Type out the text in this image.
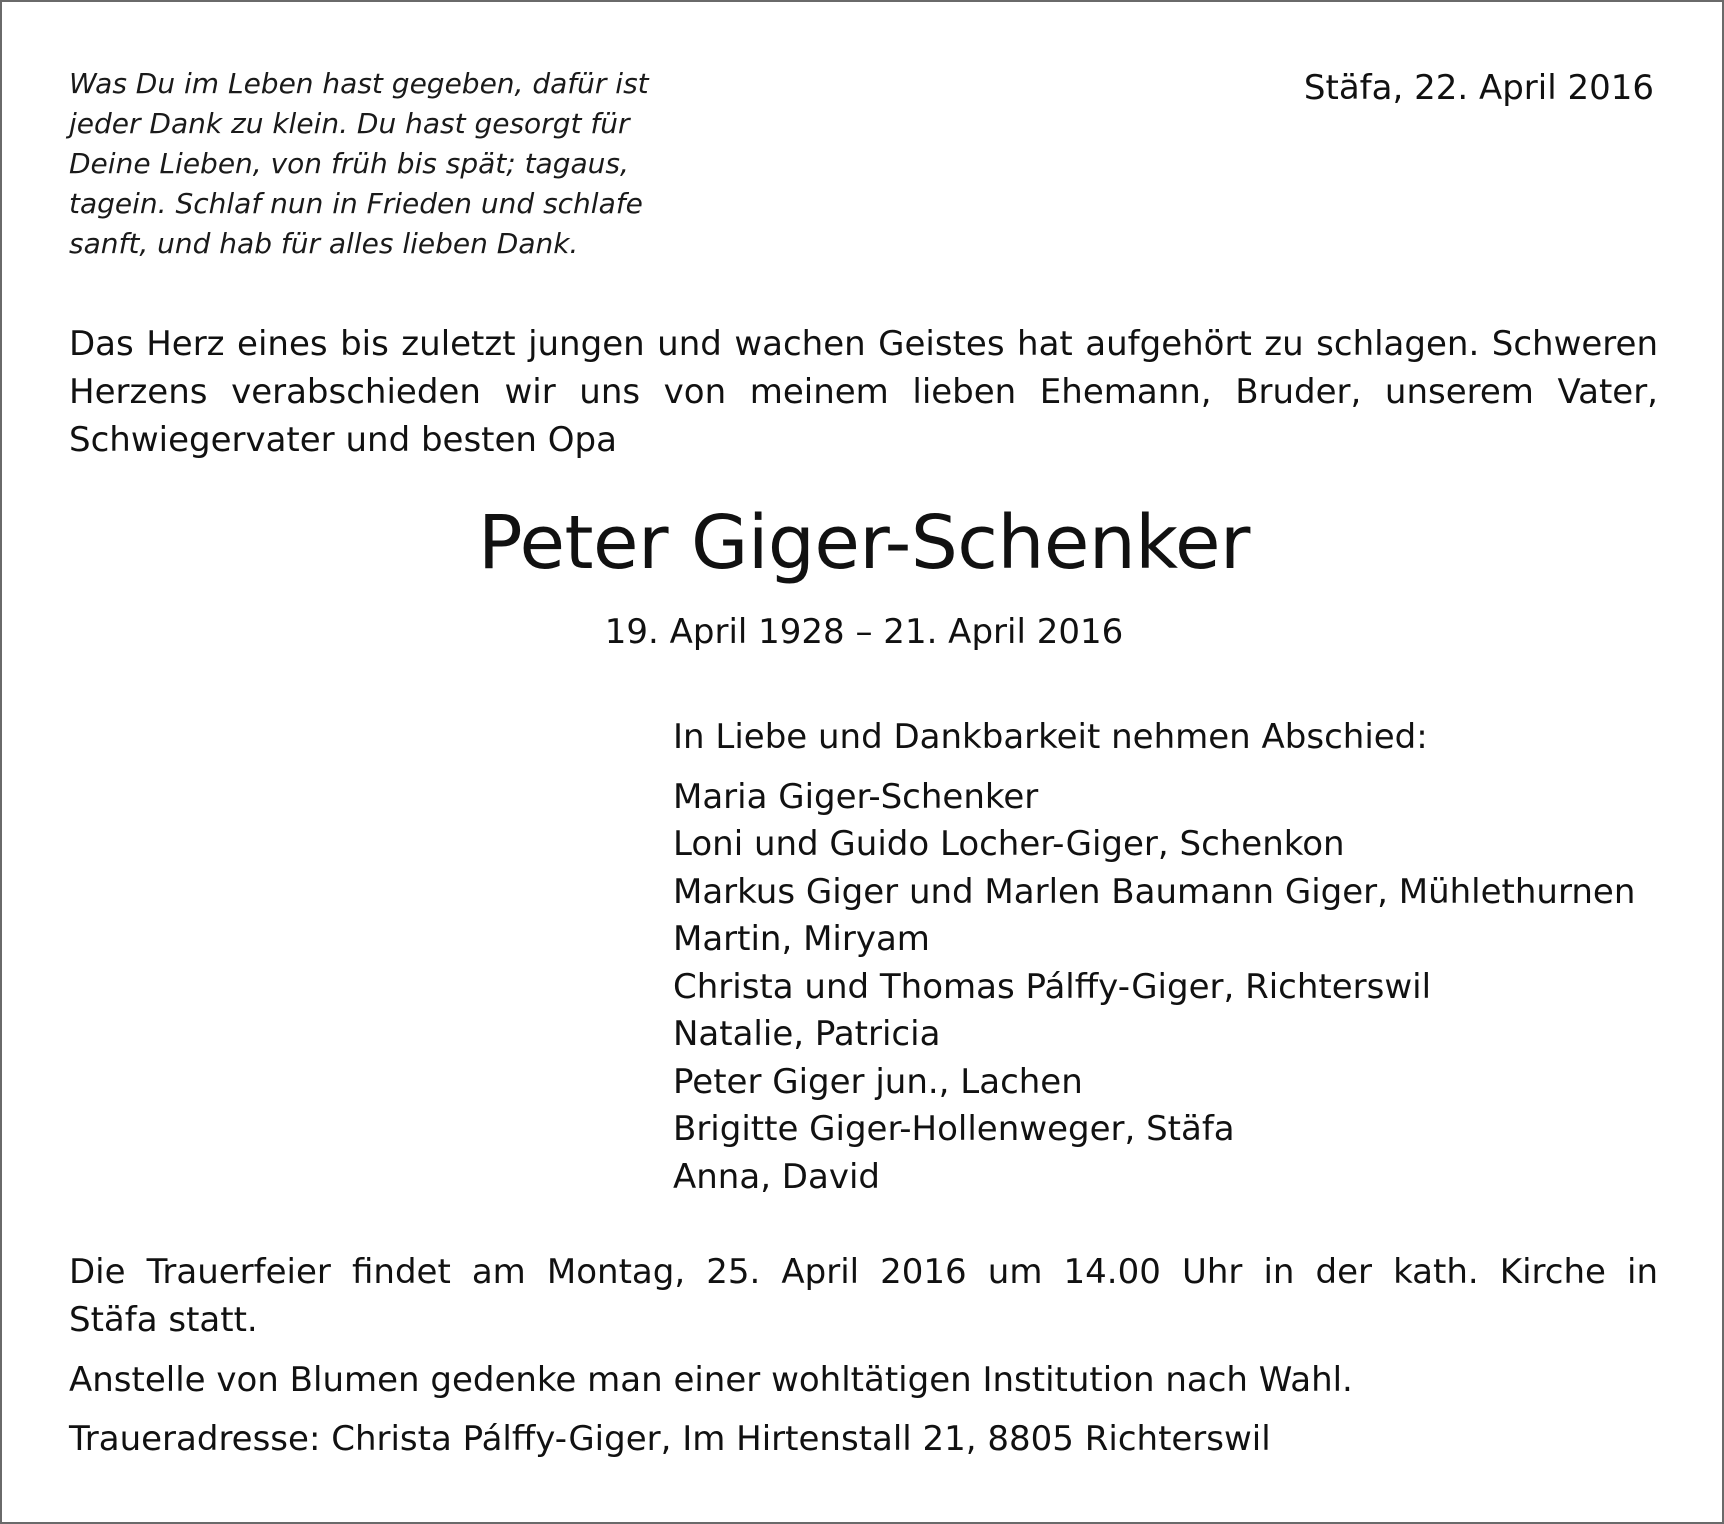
Was Du im Leben hast gegeben, dafür ist
jeder Dank zu klein. Du hast gesorgt für
Deine Lieben, von früh bis spät; tagaus,
tagein. Schlaf nun in Frieden und schlafe
sanft, und hab für alles lieben Dank.
Stäfa, 22. April 2016
Das Herz eines bis zuletzt jungen und wachen Geistes hat aufgehört zu schlagen. Schweren
Herzens verabschieden wir uns von meinem lieben Ehemann, Bruder, unserem Vater,
Schwiegervater und besten Opa
Peter Giger-Schenker
19. April 1928 – 21. April 2016
In Liebe und Dankbarkeit nehmen Abschied:
Maria Giger-Schenker
Loni und Guido Locher-Giger, Schenkon
Markus Giger und Marlen Baumann Giger, Mühlethurnen
Martin, Miryam
Christa und Thomas Pálffy-Giger, Richterswil
Natalie, Patricia
Peter Giger jun., Lachen
Brigitte Giger-Hollenweger, Stäfa
Anna, David
Die Trauerfeier findet am Montag, 25. April 2016 um 14.00 Uhr in der kath. Kirche in
Stäfa statt.
Anstelle von Blumen gedenke man einer wohltätigen Institution nach Wahl.
Traueradresse: Christa Pálffy-Giger, Im Hirtenstall 21, 8805 Richterswil
